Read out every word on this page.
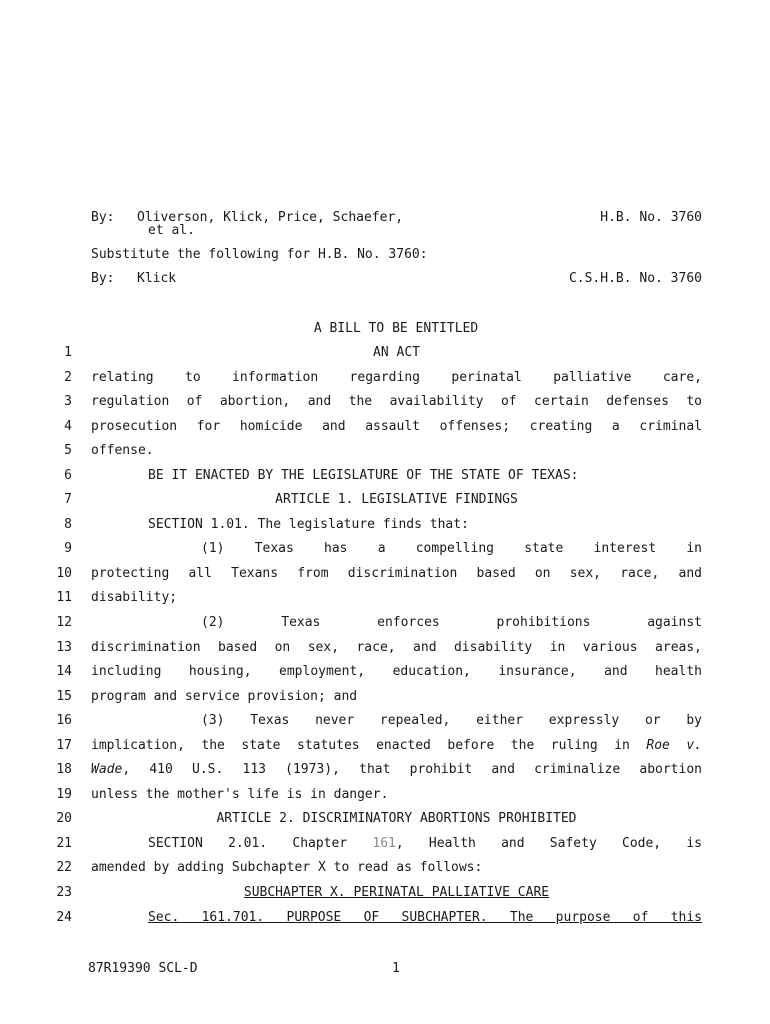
By: Oliverson, Klick, Price, Schaefer,
et al.
H.B. No. 3760
Substitute the following for H.B. No. 3760:
By: Klick	C.S.H.B. No. 3760
A BILL TO BE ENTITLED
1	AN ACT
2 relating to information regarding perinatal palliative care,
3 regulation of abortion, and the availability of certain defenses to
4 prosecution for homicide and assault offenses; creating a criminal
5 offense.
6	BE IT ENACTED BY THE LEGISLATURE OF THE STATE OF TEXAS:
7	ARTICLE 1. LEGISLATIVE FINDINGS
8	SECTION 1.01. The legislature finds that:
9	(1) Texas has a compelling state interest in
10 protecting all Texans from discrimination based on sex, race, and
11 disability;
12	(2) Texas enforces prohibitions against
13 discrimination based on sex, race, and disability in various areas,
14 including housing, employment, education, insurance, and health
15 program and service provision; and
16	(3) Texas never repealed, either expressly or by
17 implication, the state statutes enacted before the ruling in Roe v.
18 Wade, 410 U.S. 113 (1973), that prohibit and criminalize abortion
19 unless the mother's life is in danger.
20	ARTICLE 2. DISCRIMINATORY ABORTIONS PROHIBITED
21	SECTION 2.01. Chapter 161, Health and Safety Code, is
22 amended by adding Subchapter X to read as follows:
23	SUBCHAPTER X. PERINATAL PALLIATIVE CARE
24	Sec. 161.701. PURPOSE OF SUBCHAPTER. The purpose of this
87R19390 SCL-D	1
